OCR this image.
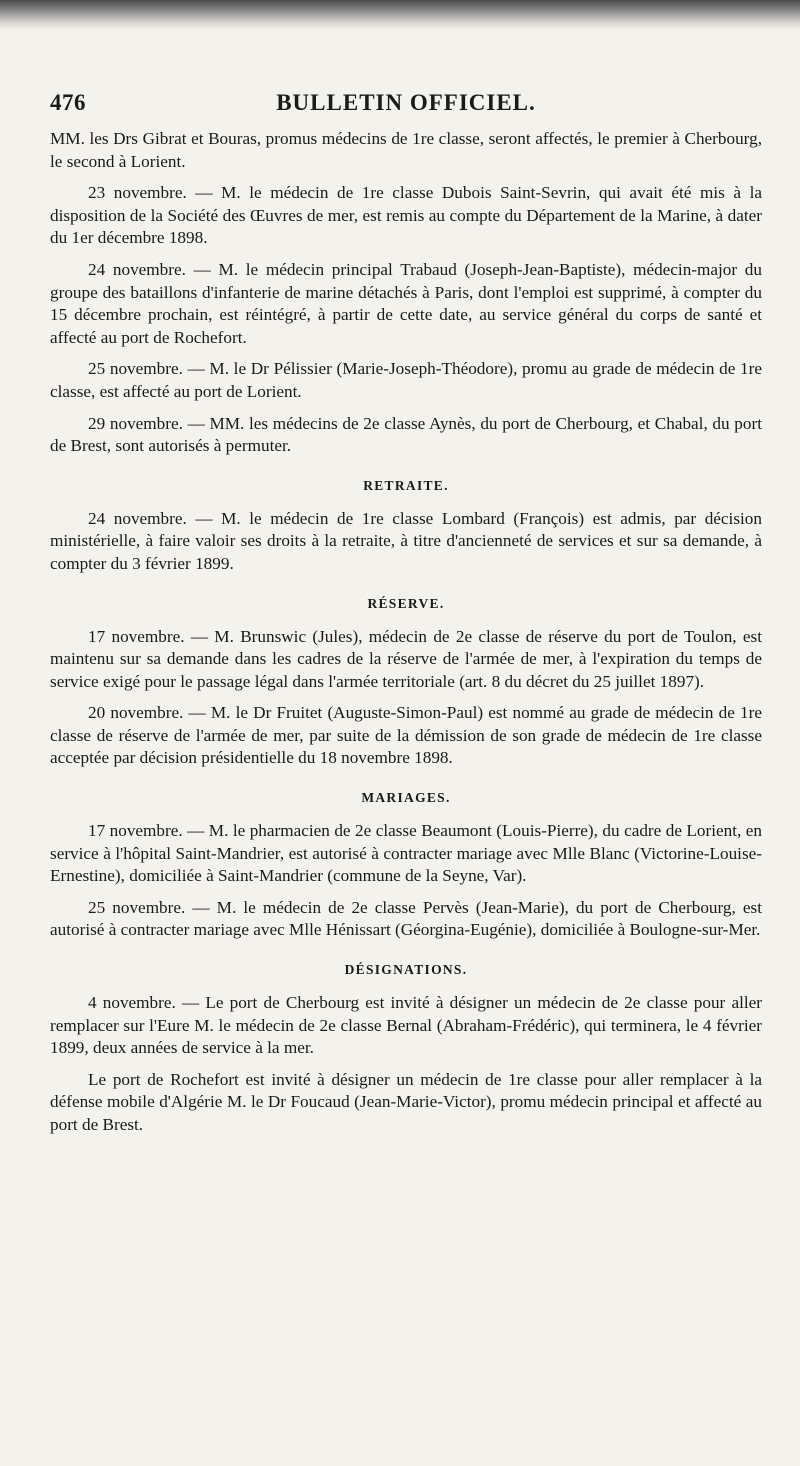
476	BULLETIN OFFICIEL.

MM. les Drs Gibrat et Bouras, promus médecins de 1re classe, seront affectés, le premier à Cherbourg, le second à Lorient.

23 novembre. — M. le médecin de 1re classe Dubois Saint-Sevrin, qui avait été mis à la disposition de la Société des Œuvres de mer, est remis au compte du Département de la Marine, à dater du 1er décembre 1898.

24 novembre. — M. le médecin principal Trabaud (Joseph-Jean-Baptiste), médecin-major du groupe des bataillons d'infanterie de marine détachés à Paris, dont l'emploi est supprimé, à compter du 15 décembre prochain, est réintégré, à partir de cette date, au service général du corps de santé et affecté au port de Rochefort.

25 novembre. — M. le Dr Pélissier (Marie-Joseph-Théodore), promu au grade de médecin de 1re classe, est affecté au port de Lorient.

29 novembre. — MM. les médecins de 2e classe Aynès, du port de Cherbourg, et Chabal, du port de Brest, sont autorisés à permuter.

RETRAITE.

24 novembre. — M. le médecin de 1re classe Lombard (François) est admis, par décision ministérielle, à faire valoir ses droits à la retraite, à titre d'ancienneté de services et sur sa demande, à compter du 3 février 1899.

RÉSERVE.

17 novembre. — M. Brunswic (Jules), médecin de 2e classe de réserve du port de Toulon, est maintenu sur sa demande dans les cadres de la réserve de l'armée de mer, à l'expiration du temps de service exigé pour le passage légal dans l'armée territoriale (art. 8 du décret du 25 juillet 1897).

20 novembre. — M. le Dr Fruitet (Auguste-Simon-Paul) est nommé au grade de médecin de 1re classe de réserve de l'armée de mer, par suite de la démission de son grade de médecin de 1re classe acceptée par décision présidentielle du 18 novembre 1898.

MARIAGES.

17 novembre. — M. le pharmacien de 2e classe Beaumont (Louis-Pierre), du cadre de Lorient, en service à l'hôpital Saint-Mandrier, est autorisé à contracter mariage avec Mlle Blanc (Victorine-Louise-Ernestine), domiciliée à Saint-Mandrier (commune de la Seyne, Var).

25 novembre. — M. le médecin de 2e classe Pervès (Jean-Marie), du port de Cherbourg, est autorisé à contracter mariage avec Mlle Hénissart (Géorgina-Eugénie), domiciliée à Boulogne-sur-Mer.

DÉSIGNATIONS.

4 novembre. — Le port de Cherbourg est invité à désigner un médecin de 2e classe pour aller remplacer sur l'Eure M. le médecin de 2e classe Bernal (Abraham-Frédéric), qui terminera, le 4 février 1899, deux années de service à la mer.

Le port de Rochefort est invité à désigner un médecin de 1re classe pour aller remplacer à la défense mobile d'Algérie M. le Dr Foucaud (Jean-Marie-Victor), promu médecin principal et affecté au port de Brest.
